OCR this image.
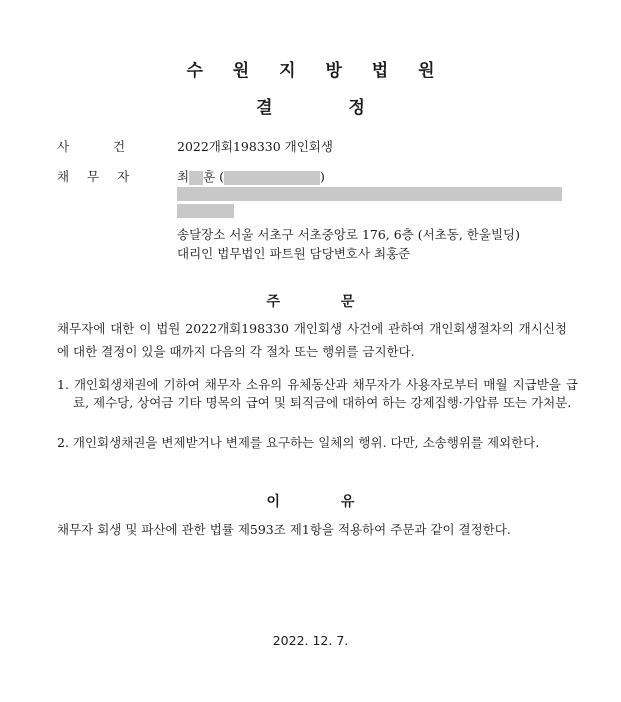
수 원 지 방 법 원
결 정
사 건	2022개회198330 개인회생
채 무 자	최 훈 (	)
송달장소 서울 서초구 서초중앙로 176, 6층 (서초동, 한울빌딩)
대리인 법무법인 파트원 담당변호사 최홍준
주 문
채무자에 대한 이 법원 2022개회198330 개인회생 사건에 관하여 개인회생절차의 개시신청에 대한 결정이 있을 때까지 다음의 각 절차 또는 행위를 금지한다.
1. 개인회생채권에 기하여 채무자 소유의 유체동산과 채무자가 사용자로부터 매월 지급받을 급료, 제수당, 상여금 기타 명목의 급여 및 퇴직금에 대하여 하는 강제집행·가압류 또는 가처분.
2. 개인회생채권을 변제받거나 변제를 요구하는 일체의 행위. 다만, 소송행위를 제외한다.
이 유
채무자 회생 및 파산에 관한 법률 제593조 제1항을 적용하여 주문과 같이 결정한다.
2022. 12. 7.
